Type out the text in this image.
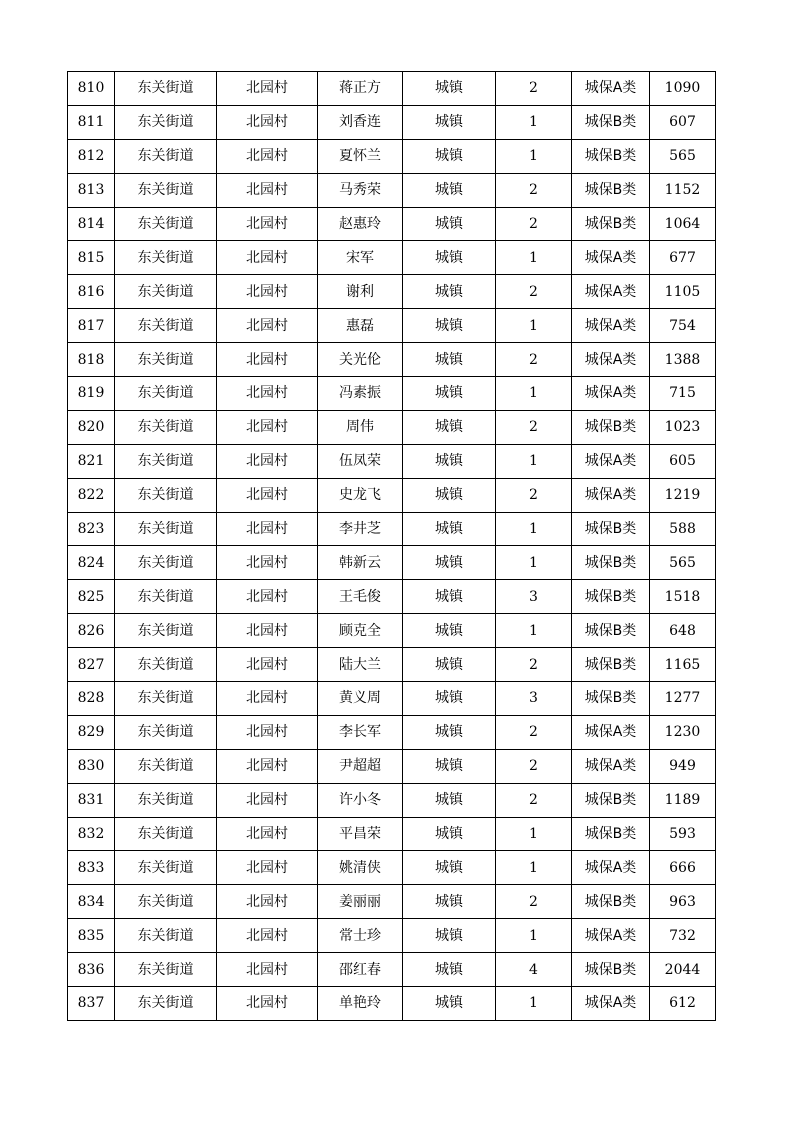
810	东关街道	北园村	蒋正方	城镇	2	城保A类	1090
811	东关街道	北园村	刘香连	城镇	1	城保B类	607
812	东关街道	北园村	夏怀兰	城镇	1	城保B类	565
813	东关街道	北园村	马秀荣	城镇	2	城保B类	1152
814	东关街道	北园村	赵惠玲	城镇	2	城保B类	1064
815	东关街道	北园村	宋军	城镇	1	城保A类	677
816	东关街道	北园村	谢利	城镇	2	城保A类	1105
817	东关街道	北园村	惠磊	城镇	1	城保A类	754
818	东关街道	北园村	关光伦	城镇	2	城保A类	1388
819	东关街道	北园村	冯素振	城镇	1	城保A类	715
820	东关街道	北园村	周伟	城镇	2	城保B类	1023
821	东关街道	北园村	伍凤荣	城镇	1	城保A类	605
822	东关街道	北园村	史龙飞	城镇	2	城保A类	1219
823	东关街道	北园村	李井芝	城镇	1	城保B类	588
824	东关街道	北园村	韩新云	城镇	1	城保B类	565
825	东关街道	北园村	王毛俊	城镇	3	城保B类	1518
826	东关街道	北园村	顾克全	城镇	1	城保B类	648
827	东关街道	北园村	陆大兰	城镇	2	城保B类	1165
828	东关街道	北园村	黄义周	城镇	3	城保B类	1277
829	东关街道	北园村	李长军	城镇	2	城保A类	1230
830	东关街道	北园村	尹超超	城镇	2	城保A类	949
831	东关街道	北园村	许小冬	城镇	2	城保B类	1189
832	东关街道	北园村	平昌荣	城镇	1	城保B类	593
833	东关街道	北园村	姚清侠	城镇	1	城保A类	666
834	东关街道	北园村	姜丽丽	城镇	2	城保B类	963
835	东关街道	北园村	常士珍	城镇	1	城保A类	732
836	东关街道	北园村	邵红春	城镇	4	城保B类	2044
837	东关街道	北园村	单艳玲	城镇	1	城保A类	612
